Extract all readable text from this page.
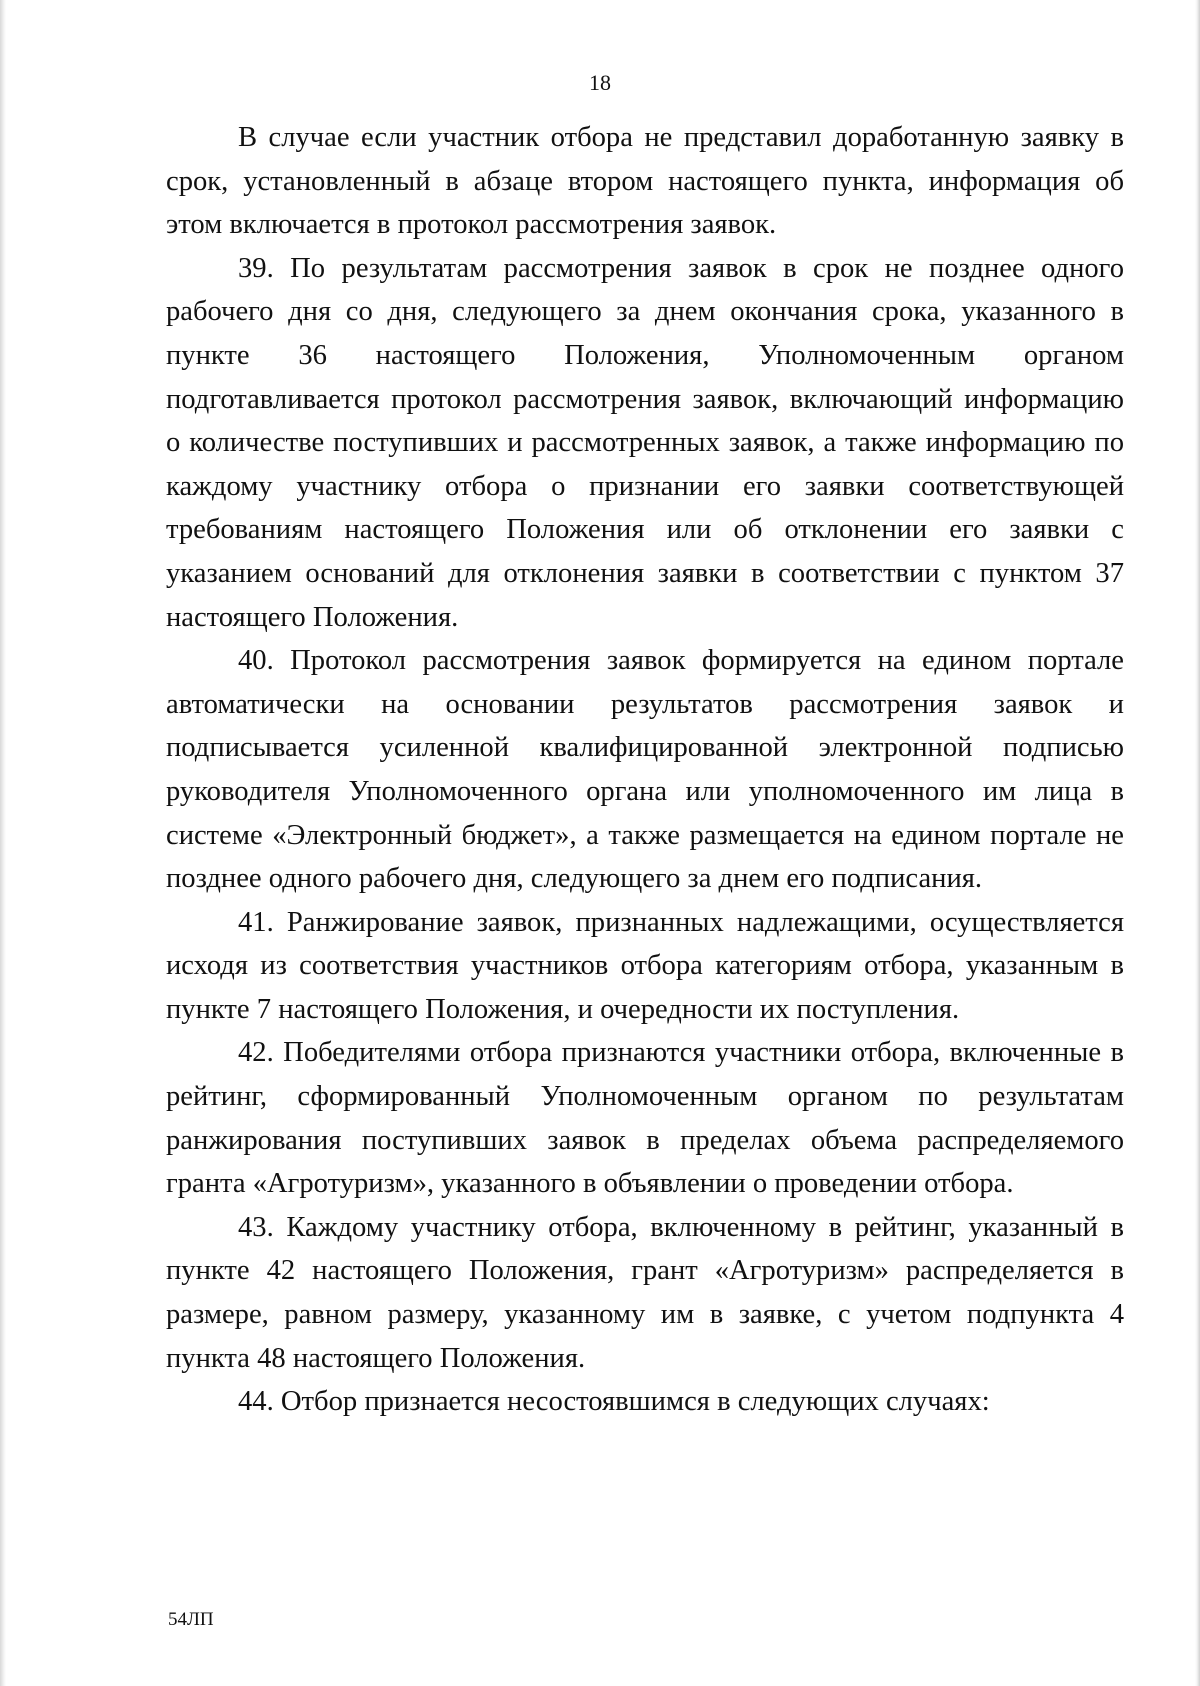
18

В случае если участник отбора не представил доработанную заявку в срок, установленный в абзаце втором настоящего пункта, информация об этом включается в протокол рассмотрения заявок.

39. По результатам рассмотрения заявок в срок не позднее одного рабочего дня со дня, следующего за днем окончания срока, указанного в пункте 36 настоящего Положения, Уполномоченным органом подготавливается протокол рассмотрения заявок, включающий информацию о количестве поступивших и рассмотренных заявок, а также информацию по каждому участнику отбора о признании его заявки соответствующей требованиям настоящего Положения или об отклонении его заявки с указанием оснований для отклонения заявки в соответствии с пунктом 37 настоящего Положения.

40. Протокол рассмотрения заявок формируется на едином портале автоматически на основании результатов рассмотрения заявок и подписывается усиленной квалифицированной электронной подписью руководителя Уполномоченного органа или уполномоченного им лица в системе «Электронный бюджет», а также размещается на едином портале не позднее одного рабочего дня, следующего за днем его подписания.

41. Ранжирование заявок, признанных надлежащими, осуществляется исходя из соответствия участников отбора категориям отбора, указанным в пункте 7 настоящего Положения, и очередности их поступления.

42. Победителями отбора признаются участники отбора, включенные в рейтинг, сформированный Уполномоченным органом по результатам ранжирования поступивших заявок в пределах объема распределяемого гранта «Агротуризм», указанного в объявлении о проведении отбора.

43. Каждому участнику отбора, включенному в рейтинг, указанный в пункте 42 настоящего Положения, грант «Агротуризм» распределяется в размере, равном размеру, указанному им в заявке, с учетом подпункта 4 пункта 48 настоящего Положения.

44. Отбор признается несостоявшимся в следующих случаях:

54ЛП
